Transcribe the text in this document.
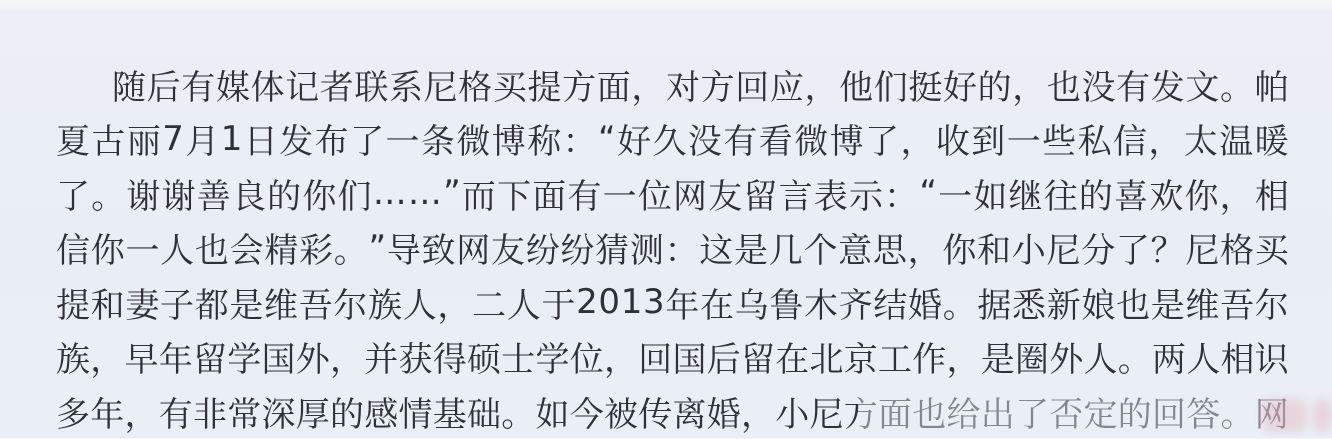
随 后 有 媒 体 记 者 联 系 尼 格 买 提 方 面 ， 对 方 回 应 ， 他 们 挺 好 的 ， 也 没 有 发 文 。 帕
夏 古 丽 7 月 1 日 发 布 了 一 条 微 博 称 ： “ 好 久 没 有 看 微 博 了 ， 收 到 一 些 私 信 ， 太 温 暖
了 。 谢 谢 善 良 的 你 们 … … ” 而 下 面 有 一 位 网 友 留 言 表 示 ： “ 一 如 继 往 的 喜 欢 你 ， 相
信 你 一 人 也 会 精 彩 。 ” 导 致 网 友 纷 纷 猜 测 ： 这 是 几 个 意 思 ， 你 和 小 尼 分 了 ？ 尼 格 买
提 和 妻 子 都 是 维 吾 尔 族 人 ， 二 人 于 2 0 1 3 年 在 乌 鲁 木 齐 结 婚 。 据 悉 新 娘 也 是 维 吾 尔
族 ， 早 年 留 学 国 外 ， 并 获 得 硕 士 学 位 ， 回 国 后 留 在 北 京 工 作 ， 是 圈 外 人 。 两 人 相 识
多 年 ， 有 非 常 深 厚 的 感 情 基 础 。 如 今 被 传 离 婚 ， 小 尼 方 面 也 给 出 了 否 定 的 回 答 。 网
